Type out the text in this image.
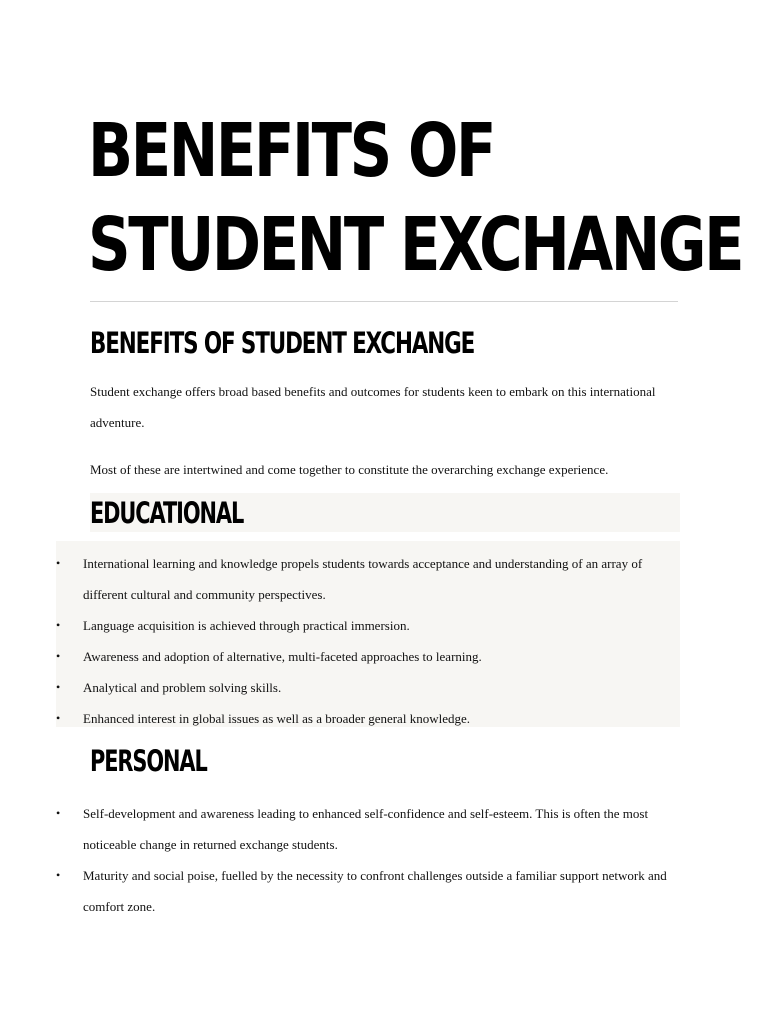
BENEFITS OF
STUDENT EXCHANGE
BENEFITS OF STUDENT EXCHANGE

Student exchange offers broad based benefits and outcomes for students keen to embark on this international adventure.

Most of these are intertwined and come together to constitute the overarching exchange experience.

EDUCATIONAL
•	International learning and knowledge propels students towards acceptance and understanding of an array of different cultural and community perspectives.
•	Language acquisition is achieved through practical immersion.
•	Awareness and adoption of alternative, multi-faceted approaches to learning.
•	Analytical and problem solving skills.
•	Enhanced interest in global issues as well as a broader general knowledge.
PERSONAL
•	Self-development and awareness leading to enhanced self-confidence and self-esteem. This is often the most noticeable change in returned exchange students.
•	Maturity and social poise, fuelled by the necessity to confront challenges outside a familiar support network and comfort zone.
